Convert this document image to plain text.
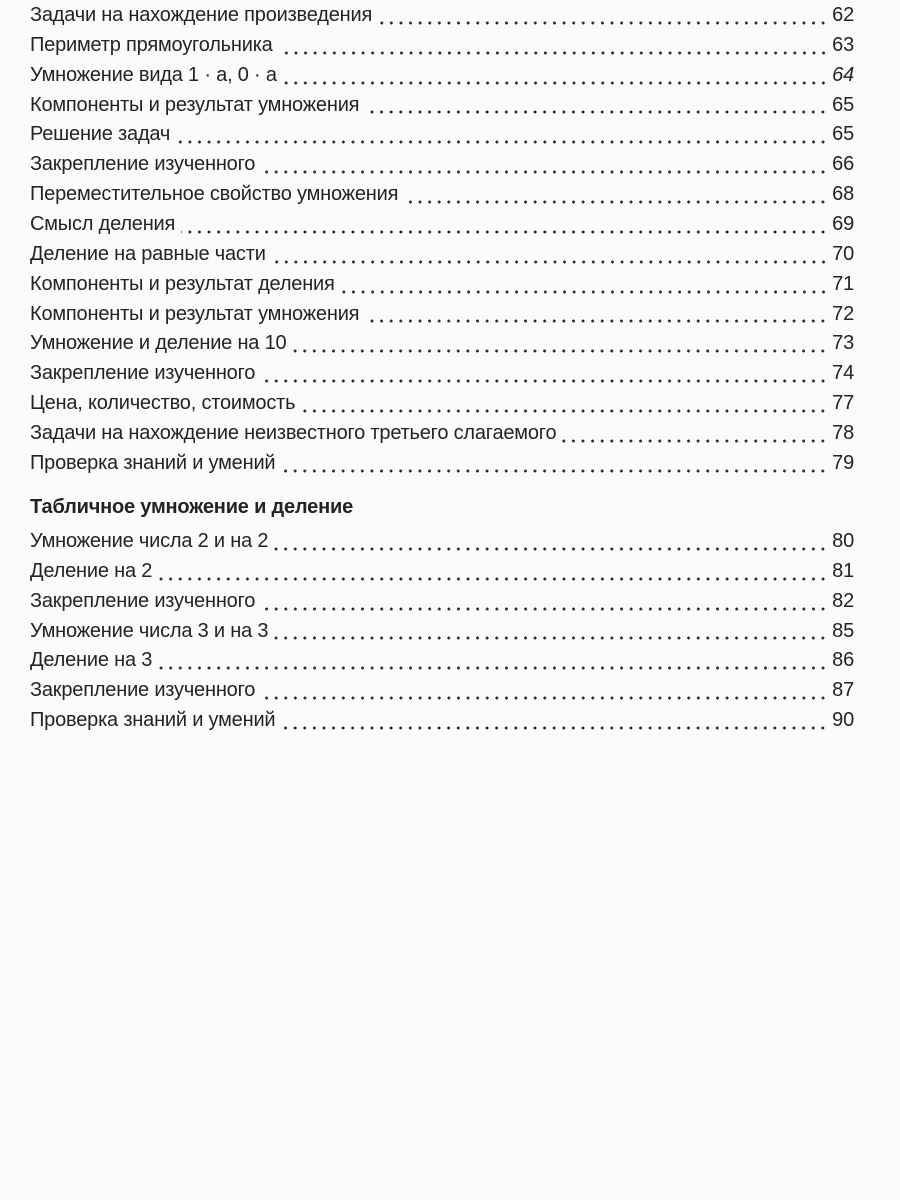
Задачи на нахождение произведения	62
Периметр прямоугольника	63
Умножение вида 1 · a, 0 · a	64
Компоненты и результат умножения	65
Решение задач	65
Закрепление изученного	66
Переместительное свойство умножения	68
Смысл деления	69
Деление на равные части	70
Компоненты и результат деления	71
Компоненты и результат умножения	72
Умножение и деление на 10	73
Закрепление изученного	74
Цена, количество, стоимость	77
Задачи на нахождение неизвестного третьего слагаемого	78
Проверка знаний и умений	79
Табличное умножение и деление
Умножение числа 2 и на 2	80
Деление на 2	81
Закрепление изученного	82
Умножение числа 3 и на 3	85
Деление на 3	86
Закрепление изученного	87
Проверка знаний и умений	90
